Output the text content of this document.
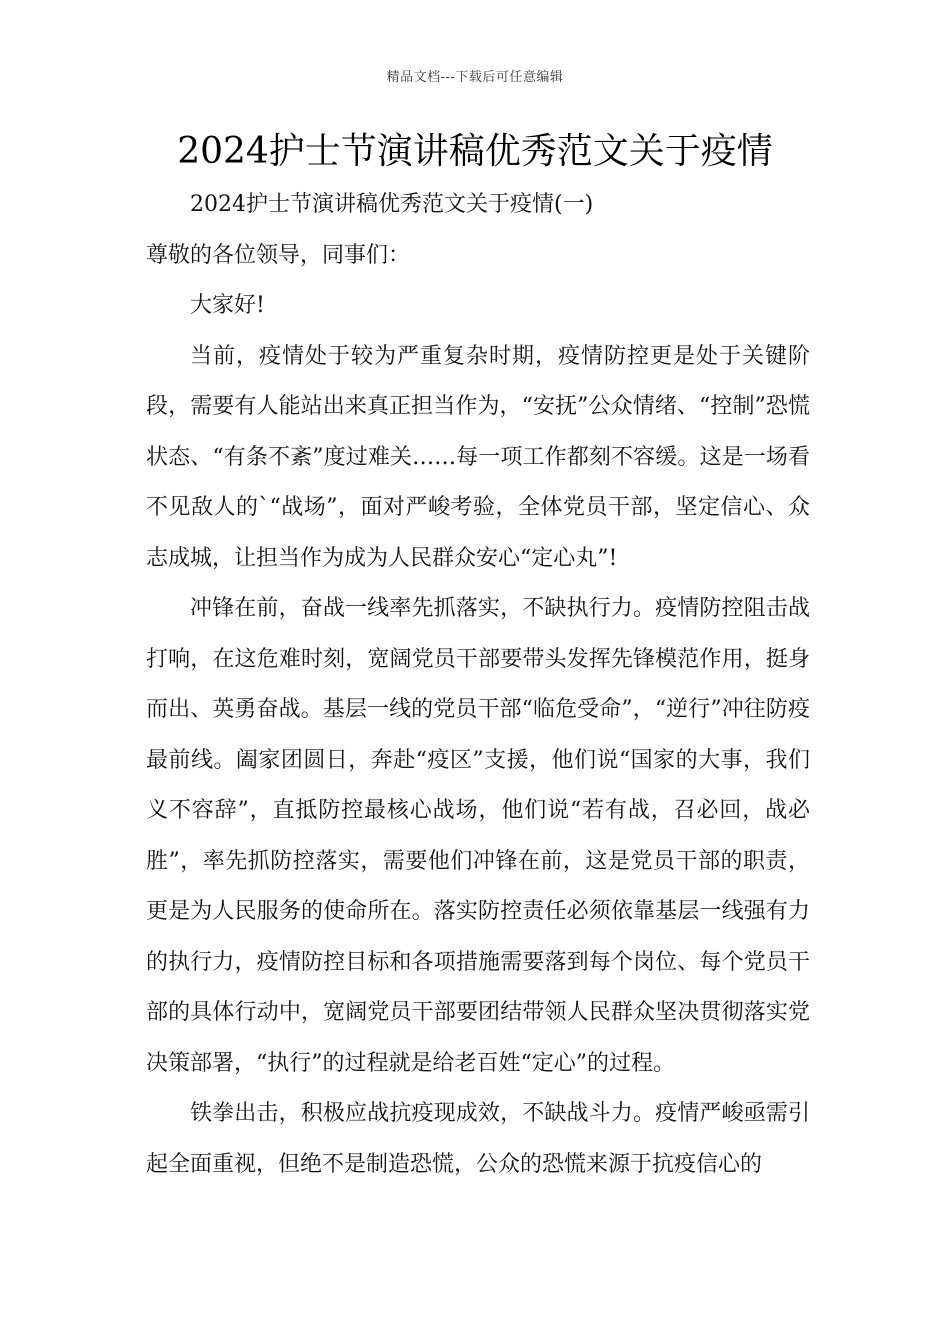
精品文档---下载后可任意编辑
2024护士节演讲稿优秀范文关于疫情

2024护士节演讲稿优秀范文关于疫情(一)

尊敬的各位领导，同事们：

大家好!

当前，疫情处于较为严重复杂时期，疫情防控更是处于关键阶段，需要有人能站出来真正担当作为，“安抚”公众情绪、“控制”恐慌状态、“有条不紊”度过难关……每一项工作都刻不容缓。这是一场看不见敌人的`“战场”，面对严峻考验，全体党员干部，坚定信心、众志成城，让担当作为成为人民群众安心“定心丸”!

冲锋在前，奋战一线率先抓落实，不缺执行力。疫情防控阻击战打响，在这危难时刻，宽阔党员干部要带头发挥先锋模范作用，挺身而出、英勇奋战。基层一线的党员干部“临危受命”，“逆行”冲往防疫最前线。阖家团圆日，奔赴“疫区”支援，他们说“国家的大事，我们义不容辞”，直抵防控最核心战场，他们说“若有战，召必回，战必胜”，率先抓防控落实，需要他们冲锋在前，这是党员干部的职责，更是为人民服务的使命所在。落实防控责任必须依靠基层一线强有力的执行力，疫情防控目标和各项措施需要落到每个岗位、每个党员干部的具体行动中，宽阔党员干部要团结带领人民群众坚决贯彻落实党决策部署，“执行”的过程就是给老百姓“定心”的过程。

铁拳出击，积极应战抗疫现成效，不缺战斗力。疫情严峻亟需引起全面重视，但绝不是制造恐慌，公众的恐慌来源于抗疫信心的
